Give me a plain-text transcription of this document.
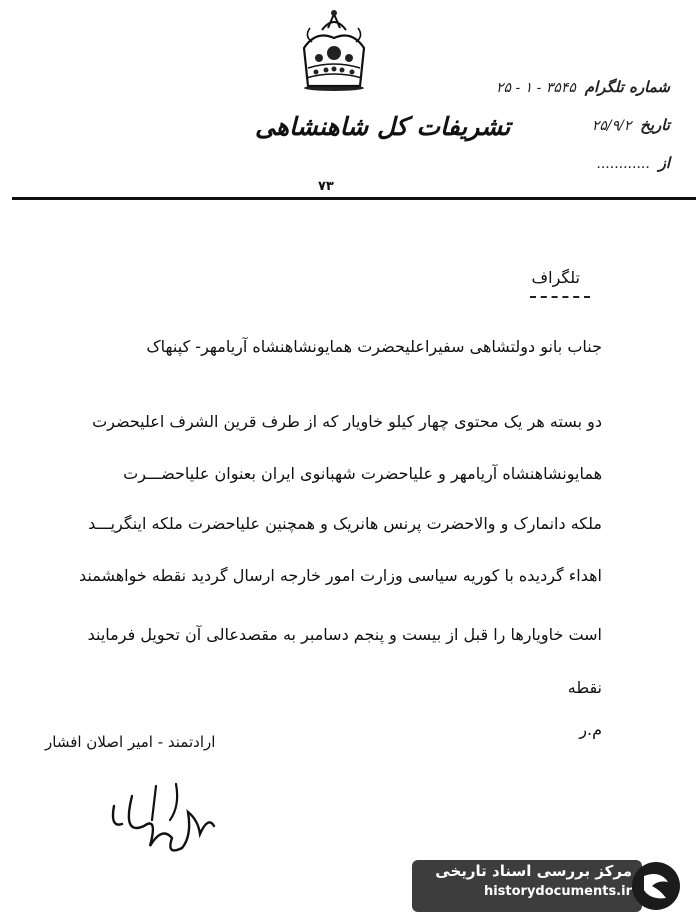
تشریفات کل شاهنشاهی
شماره تلگرام ۳۵۴۵ - ۱ - ۲۵
تاریخ ۲۵/۹/۲
از ............
۷۳
تلگراف
جناب بانو دولتشاهی سفیراعلیحضرت همایونشاهنشاه آریامهر- کپنهاک
دو بسته هر یک محتوی چهار کیلو خاویار که از طرف قرین الشرف اعلیحضرت
همایونشاهنشاه آریامهر و علیاحضرت شهبانوی ایران بعنوان علیاحضـــرت
ملکه دانمارک و والاحضرت پرنس هانریک و همچنین علیاحضرت ملکه اینگریـــد
اهداء گردیده با کوریه سیاسی وزارت امور خارجه ارسال گردید نقطه خواهشمند
است خاویارها را قبل از بیست و پنجم دسامبر به مقصدعالی آن تحویل فرمایند
نقطه
م.ر
ارادتمند - امیر اصلان افشار
مرکز بررسی اسناد تاریخی
historydocuments.ir
